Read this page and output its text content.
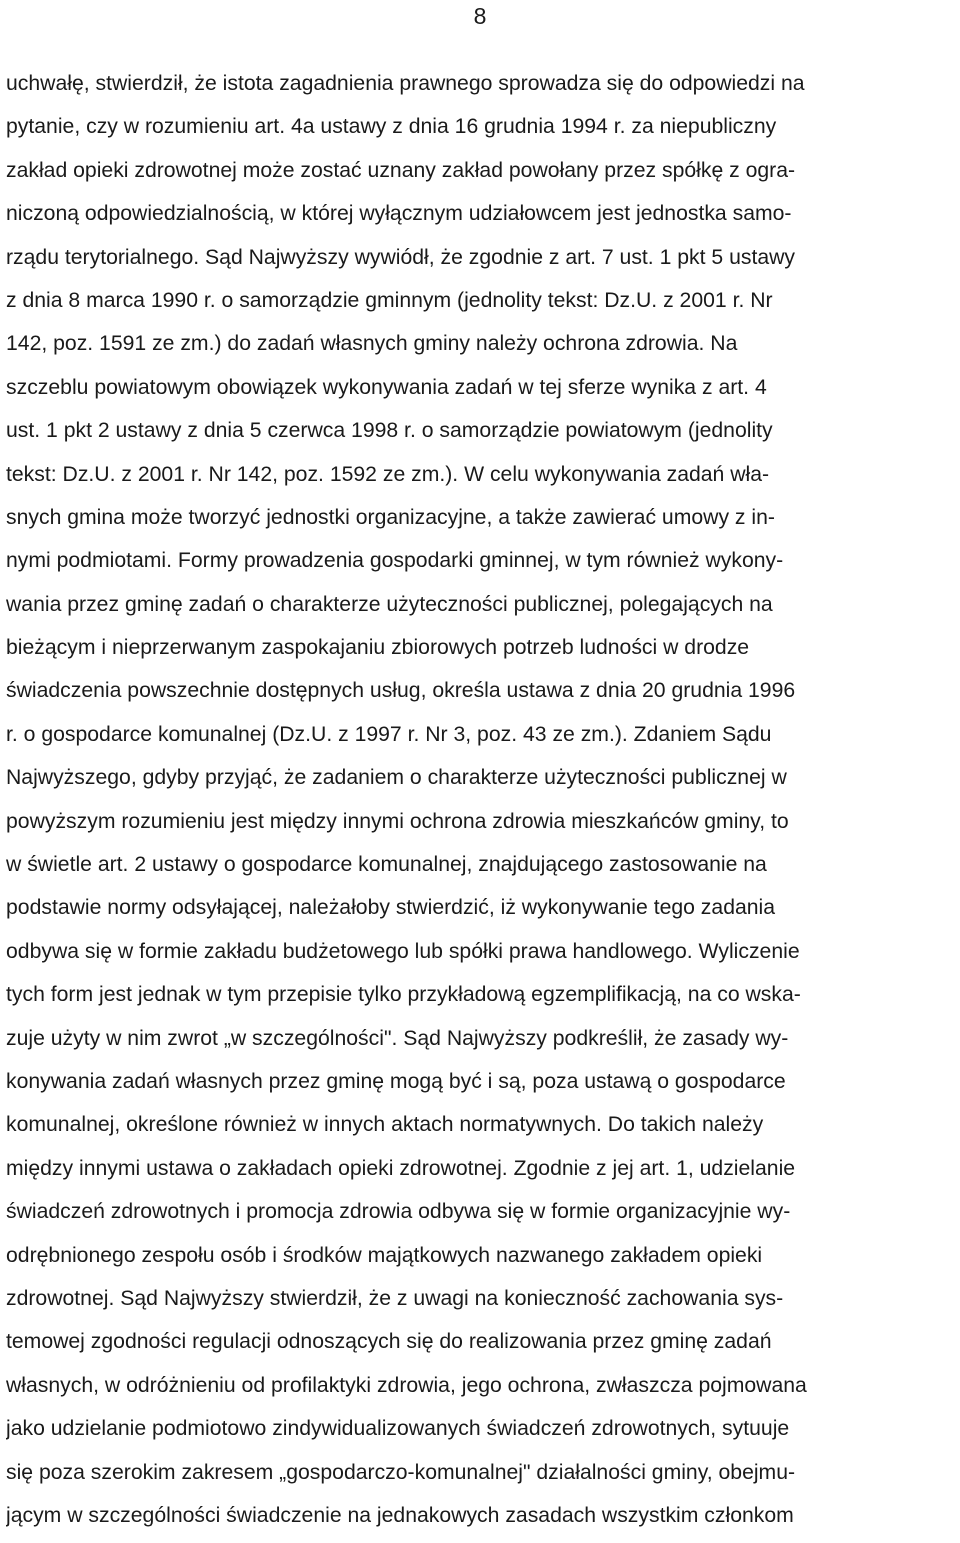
8
uchwałę, stwierdził, że istota zagadnienia prawnego sprowadza się do odpowiedzi na
pytanie, czy w rozumieniu art. 4a ustawy z dnia 16 grudnia 1994 r. za niepubliczny
zakład opieki zdrowotnej może zostać uznany zakład powołany przez spółkę z ogra-
niczoną odpowiedzialnością, w której wyłącznym udziałowcem jest jednostka samo-
rządu terytorialnego. Sąd Najwyższy wywiódł, że zgodnie z art. 7 ust. 1 pkt 5 ustawy
z dnia 8 marca 1990 r. o samorządzie gminnym (jednolity tekst: Dz.U. z 2001 r. Nr
142, poz. 1591 ze zm.) do zadań własnych gminy należy ochrona zdrowia. Na
szczeblu powiatowym obowiązek wykonywania zadań w tej sferze wynika z art. 4
ust. 1 pkt 2 ustawy z dnia 5 czerwca 1998 r. o samorządzie powiatowym (jednolity
tekst: Dz.U. z 2001 r. Nr 142, poz. 1592 ze zm.). W celu wykonywania zadań wła-
snych gmina może tworzyć jednostki organizacyjne, a także zawierać umowy z in-
nymi podmiotami. Formy prowadzenia gospodarki gminnej, w tym również wykony-
wania przez gminę zadań o charakterze użyteczności publicznej, polegających na
bieżącym i nieprzerwanym zaspokajaniu zbiorowych potrzeb ludności w drodze
świadczenia powszechnie dostępnych usług, określa ustawa z dnia 20 grudnia 1996
r. o gospodarce komunalnej (Dz.U. z 1997 r. Nr 3, poz. 43 ze zm.). Zdaniem Sądu
Najwyższego, gdyby przyjąć, że zadaniem o charakterze użyteczności publicznej w
powyższym rozumieniu jest między innymi ochrona zdrowia mieszkańców gminy, to
w świetle art. 2 ustawy o gospodarce komunalnej, znajdującego zastosowanie na
podstawie normy odsyłającej, należałoby stwierdzić, iż wykonywanie tego zadania
odbywa się w formie zakładu budżetowego lub spółki prawa handlowego. Wyliczenie
tych form jest jednak w tym przepisie tylko przykładową egzemplifikacją, na co wska-
zuje użyty w nim zwrot „w szczególności". Sąd Najwyższy podkreślił, że zasady wy-
konywania zadań własnych przez gminę mogą być i są, poza ustawą o gospodarce
komunalnej, określone również w innych aktach normatywnych. Do takich należy
między innymi ustawa o zakładach opieki zdrowotnej. Zgodnie z jej art. 1, udzielanie
świadczeń zdrowotnych i promocja zdrowia odbywa się w formie organizacyjnie wy-
odrębnionego zespołu osób i środków majątkowych nazwanego zakładem opieki
zdrowotnej. Sąd Najwyższy stwierdził, że z uwagi na konieczność zachowania sys-
temowej zgodności regulacji odnoszących się do realizowania przez gminę zadań
własnych, w odróżnieniu od profilaktyki zdrowia, jego ochrona, zwłaszcza pojmowana
jako udzielanie podmiotowo zindywidualizowanych świadczeń zdrowotnych, sytuuje
się poza szerokim zakresem „gospodarczo-komunalnej" działalności gminy, obejmu-
jącym w szczególności świadczenie na jednakowych zasadach wszystkim członkom
